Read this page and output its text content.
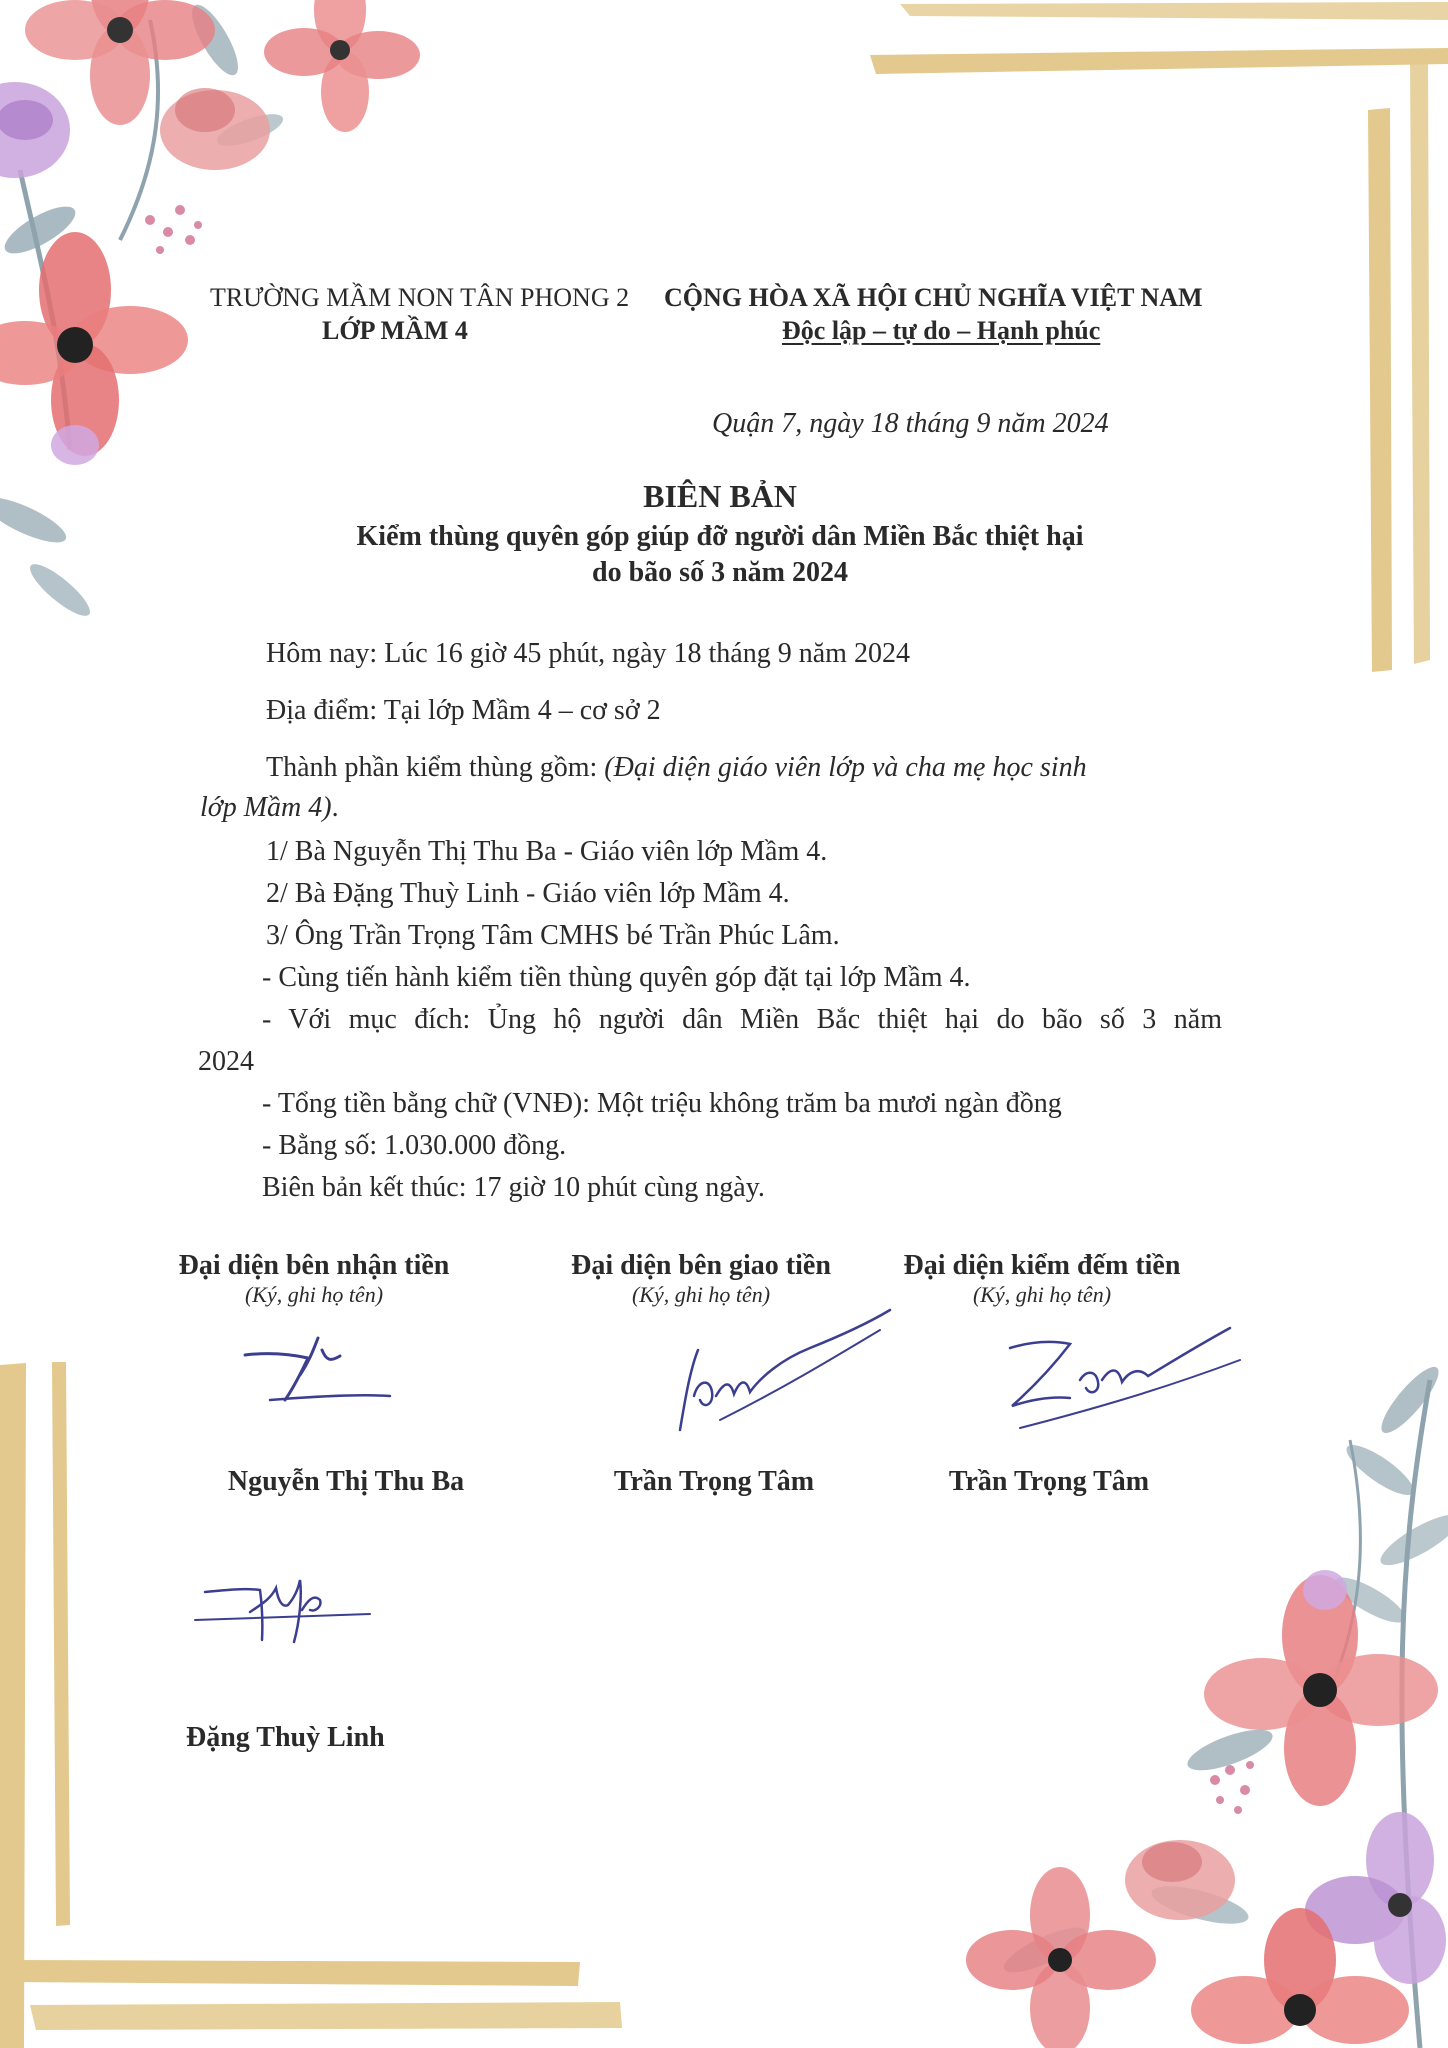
TRƯỜNG MẦM NON TÂN PHONG 2
LỚP MẦM 4
CỘNG HÒA XÃ HỘI CHỦ NGHĨA VIỆT NAM
Độc lập – tự do – Hạnh phúc
Quận 7, ngày 18 tháng 9 năm 2024
BIÊN BẢN
Kiểm thùng quyên góp giúp đỡ người dân Miền Bắc thiệt hại
do bão số 3 năm 2024
Hôm nay: Lúc 16 giờ 45 phút, ngày 18 tháng 9 năm 2024
Địa điểm: Tại lớp Mầm 4 – cơ sở 2
Thành phần kiểm thùng gồm: (Đại diện giáo viên lớp và cha mẹ học sinh
lớp Mầm 4).
1/ Bà Nguyễn Thị Thu Ba - Giáo viên lớp Mầm 4.
2/ Bà Đặng Thuỳ Linh - Giáo viên lớp Mầm 4.
3/ Ông Trần Trọng Tâm CMHS bé Trần Phúc Lâm.
- Cùng tiến hành kiểm tiền thùng quyên góp đặt tại lớp Mầm 4.
- Với mục đích: Ủng hộ người dân Miền Bắc thiệt hại do bão số 3 năm
2024
- Tổng tiền bằng chữ (VNĐ): Một triệu không trăm ba mươi ngàn đồng
- Bằng số: 1.030.000 đồng.
Biên bản kết thúc: 17 giờ 10 phút cùng ngày.
Đại diện bên nhận tiền
(Ký, ghi họ tên)
Đại diện bên giao tiền
(Ký, ghi họ tên)
Đại diện kiểm đếm tiền
(Ký, ghi họ tên)
Nguyễn Thị Thu Ba	Trần Trọng Tâm	Trần Trọng Tâm
Đặng Thuỳ Linh
